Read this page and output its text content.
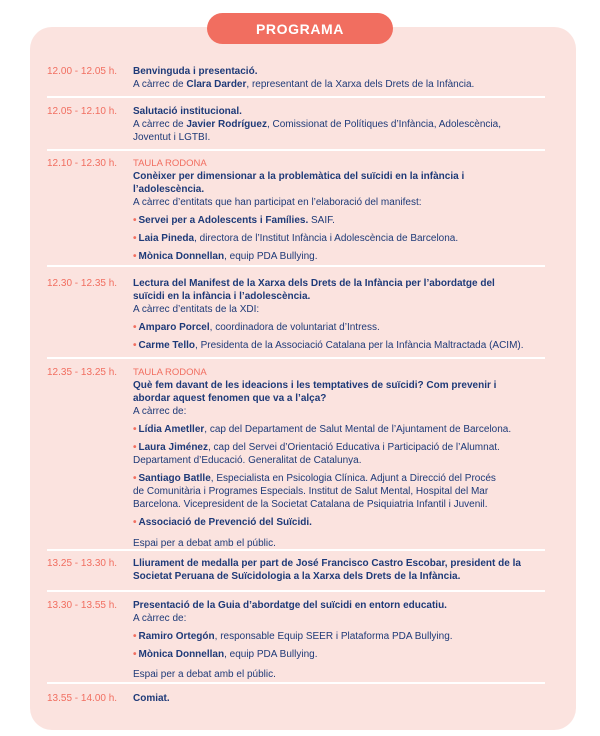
PROGRAMA
12.00 - 12.05 h.	Benvinguda i presentació.
A càrrec de Clara Darder, representant de la Xarxa dels Drets de la Infància.
12.05 - 12.10 h.	Salutació institucional.
A càrrec de Javier Rodríguez, Comissionat de Polítiques d’Infància, Adolescència,
Joventut i LGTBI.
12.10 - 12.30 h.	TAULA RODONA
Conèixer per dimensionar a la problemàtica del suïcidi en la infància i
l’adolescència.
A càrrec d’entitats que han participat en l’elaboració del manifest:
• Servei per a Adolescents i Famílies. SAIF.
• Laia Pineda, directora de l’Institut Infància i Adolescència de Barcelona.
• Mònica Donnellan, equip PDA Bullying.
12.30 - 12.35 h.	Lectura del Manifest de la Xarxa dels Drets de la Infància per l’abordatge del
suïcidi en la infància i l’adolescència.
A càrrec d’entitats de la XDI:
• Amparo Porcel, coordinadora de voluntariat d’Intress.
• Carme Tello, Presidenta de la Associació Catalana per la Infància Maltractada (ACIM).
12.35 - 13.25 h.	TAULA RODONA
Què fem davant de les ideacions i les temptatives de suïcidi? Com prevenir i
abordar aquest fenomen que va a l’alça?
A càrrec de:
• Lídia Ametller, cap del Departament de Salut Mental de l’Ajuntament de Barcelona.
• Laura Jiménez, cap del Servei d’Orientació Educativa i Participació de l’Alumnat.
Departament d’Educació. Generalitat de Catalunya.
• Santiago Batlle, Especialista en Psicologia Clínica. Adjunt a Direcció del Procés
de Comunitària i Programes Especials. Institut de Salut Mental, Hospital del Mar
Barcelona. Vicepresident de la Societat Catalana de Psiquiatria Infantil i Juvenil.
• Associació de Prevenció del Suïcidi.
Espai per a debat amb el públic.
13.25 - 13.30 h.	Lliurament de medalla per part de José Francisco Castro Escobar, president de la
Societat Peruana de Suïcidologia a la Xarxa dels Drets de la Infància.
13.30 - 13.55 h.	Presentació de la Guia d’abordatge del suïcidi en entorn educatiu.
A càrrec de:
• Ramiro Ortegón, responsable Equip SEER i Plataforma PDA Bullying.
• Mònica Donnellan, equip PDA Bullying.
Espai per a debat amb el públic.
13.55 - 14.00 h.	Comiat.
